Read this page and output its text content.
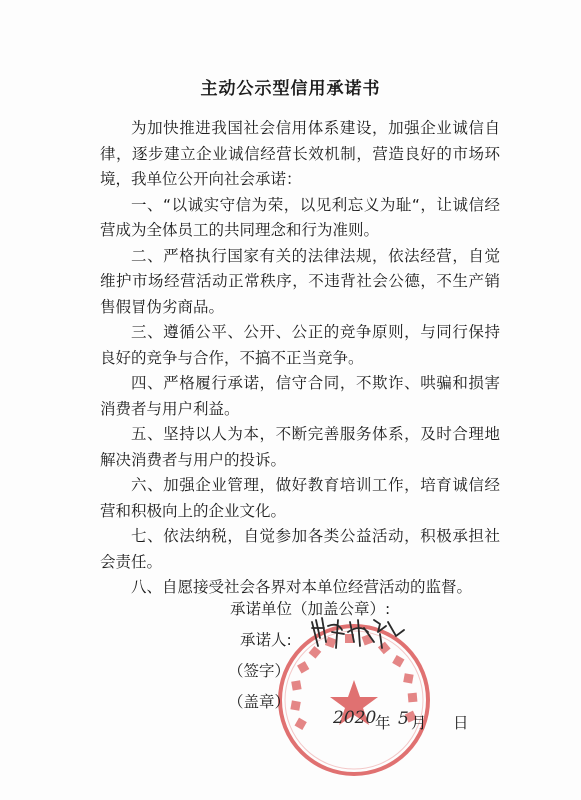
主动公示型信用承诺书

为加快推进我国社会信用体系建设，加强企业诚信自律，逐步建立企业诚信经营长效机制，营造良好的市场环境，我单位公开向社会承诺：

一、“以诚实守信为荣，以见利忘义为耻“，让诚信经营成为全体员工的共同理念和行为准则。

二、严格执行国家有关的法律法规，依法经营，自觉维护市场经营活动正常秩序，不违背社会公德，不生产销售假冒伪劣商品。

三、遵循公平、公开、公正的竞争原则，与同行保持良好的竞争与合作，不搞不正当竞争。

四、严格履行承诺，信守合同，不欺诈、哄骗和损害消费者与用户利益。

五、坚持以人为本，不断完善服务体系，及时合理地解决消费者与用户的投诉。

六、加强企业管理，做好教育培训工作，培育诚信经营和积极向上的企业文化。

七、依法纳税，自觉参加各类公益活动，积极承担社会责任。

八、自愿接受社会各界对本单位经营活动的监督。

承诺单位（加盖公章）:
承诺人:
（签字）
（盖章）
2020
年 5 月 日
